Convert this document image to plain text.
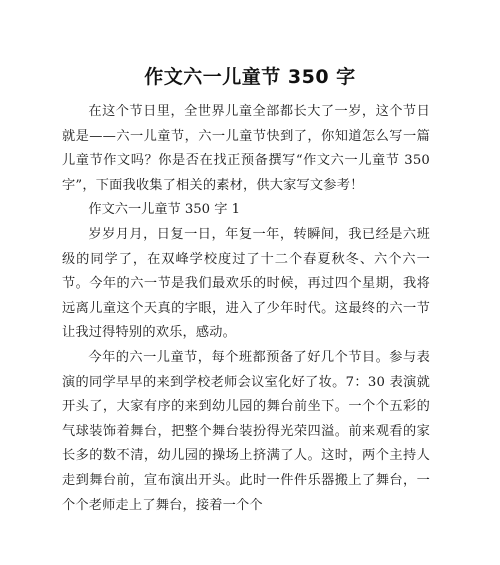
作文六一儿童节 350 字

在这个节日里，全世界儿童全部都长大了一岁，这个节日就是——六一儿童节，六一儿童节快到了，你知道怎么写一篇儿童节作文吗？你是否在找正预备撰写“作文六一儿童节 350 字”，下面我收集了相关的素材，供大家写文参考！

作文六一儿童节 350 字 1

岁岁月月，日复一日，年复一年，转瞬间，我已经是六班级的同学了，在双峰学校度过了十二个春夏秋冬、六个六一节。今年的六一节是我们最欢乐的时候，再过四个星期，我将远离儿童这个天真的字眼，进入了少年时代。这最终的六一节让我过得特别的欢乐，感动。

今年的六一儿童节，每个班都预备了好几个节目。参与表演的同学早早的来到学校老师会议室化好了妆。7：30 表演就开头了，大家有序的来到幼儿园的舞台前坐下。一个个五彩的气球装饰着舞台，把整个舞台装扮得光荣四溢。前来观看的家长多的数不清，幼儿园的操场上挤满了人。这时，两个主持人走到舞台前，宣布演出开头。此时一件件乐器搬上了舞台，一个个老师走上了舞台，接着一个个
